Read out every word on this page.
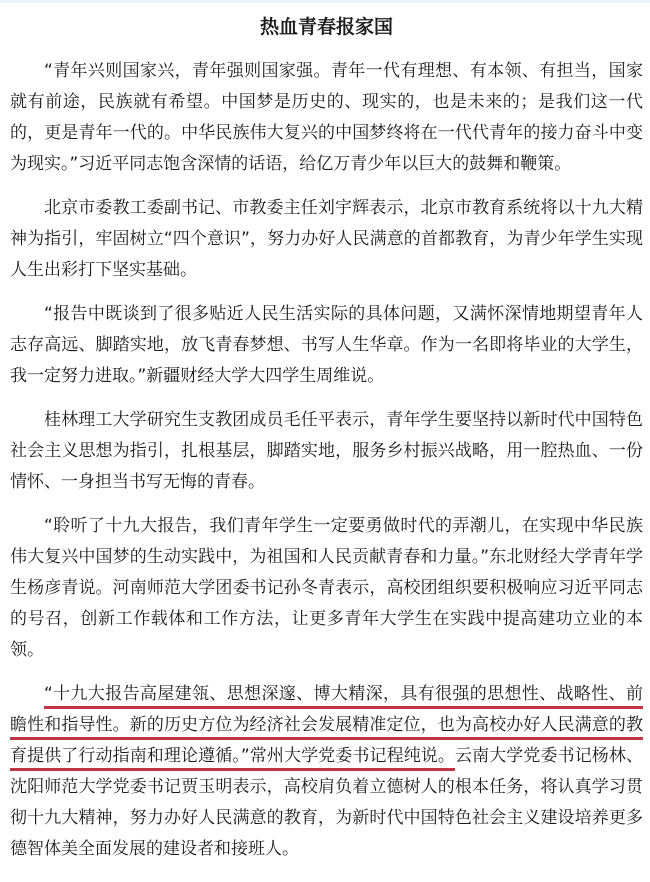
热血青春报家国

“青年兴则国家兴，青年强则国家强。青年一代有理想、有本领、有担当，国家就有前途，民族就有希望。中国梦是历史的、现实的，也是未来的；是我们这一代的，更是青年一代的。中华民族伟大复兴的中国梦终将在一代代青年的接力奋斗中变为现实。”习近平同志饱含深情的话语，给亿万青少年以巨大的鼓舞和鞭策。

北京市委教工委副书记、市教委主任刘宇辉表示，北京市教育系统将以十九大精神为指引，牢固树立“四个意识”，努力办好人民满意的首都教育，为青少年学生实现人生出彩打下坚实基础。

“报告中既谈到了很多贴近人民生活实际的具体问题，又满怀深情地期望青年人志存高远、脚踏实地，放飞青春梦想、书写人生华章。作为一名即将毕业的大学生，我一定努力进取。”新疆财经大学大四学生周维说。

桂林理工大学研究生支教团成员毛任平表示，青年学生要坚持以新时代中国特色社会主义思想为指引，扎根基层，脚踏实地，服务乡村振兴战略，用一腔热血、一份情怀、一身担当书写无悔的青春。

“聆听了十九大报告，我们青年学生一定要勇做时代的弄潮儿，在实现中华民族伟大复兴中国梦的生动实践中，为祖国和人民贡献青春和力量。”东北财经大学青年学生杨彦青说。河南师范大学团委书记孙冬青表示，高校团组织要积极响应习近平同志的号召，创新工作载体和工作方法，让更多青年大学生在实践中提高建功立业的本领。

“十九大报告高屋建瓴、思想深邃、博大精深，具有很强的思想性、战略性、前瞻性和指导性。新的历史方位为经济社会发展精准定位，也为高校办好人民满意的教育提供了行动指南和理论遵循。”常州大学党委书记程纯说。云南大学党委书记杨林、沈阳师范大学党委书记贾玉明表示，高校肩负着立德树人的根本任务，将认真学习贯彻十九大精神，努力办好人民满意的教育，为新时代中国特色社会主义建设培养更多德智体美全面发展的建设者和接班人。
